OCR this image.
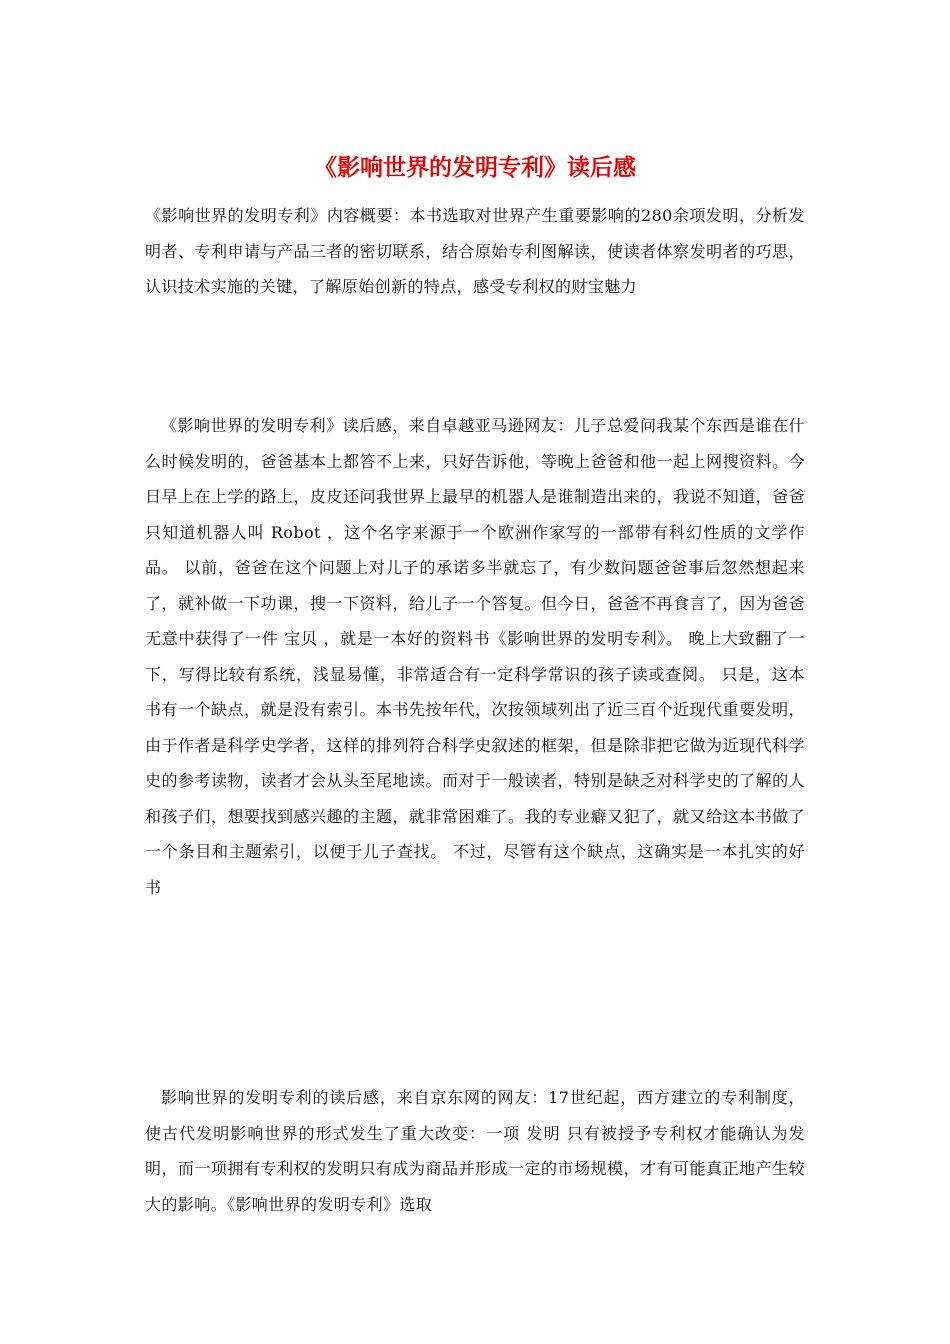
《影响世界的发明专利》读后感

《影响世界的发明专利》内容概要：本书选取对世界产生重要影响的280余项发明，分析发明者、专利申请与产品三者的密切联系，结合原始专利图解读，使读者体察发明者的巧思，认识技术实施的关键，了解原始创新的特点，感受专利权的财宝魅力

《影响世界的发明专利》读后感，来自卓越亚马逊网友：儿子总爱问我某个东西是谁在什么时候发明的，爸爸基本上都答不上来，只好告诉他，等晚上爸爸和他一起上网搜资料。今日早上在上学的路上，皮皮还问我世界上最早的机器人是谁制造出来的，我说不知道，爸爸只知道机器人叫 Robot ，这个名字来源于一个欧洲作家写的一部带有科幻性质的文学作品。 以前，爸爸在这个问题上对儿子的承诺多半就忘了，有少数问题爸爸事后忽然想起来了，就补做一下功课，搜一下资料，给儿子一个答复。但今日，爸爸不再食言了，因为爸爸无意中获得了一件 宝贝 ，就是一本好的资料书《影响世界的发明专利》。 晚上大致翻了一下，写得比较有系统，浅显易懂，非常适合有一定科学常识的孩子读或查阅。 只是，这本书有一个缺点，就是没有索引。本书先按年代，次按领域列出了近三百个近现代重要发明，由于作者是科学史学者，这样的排列符合科学史叙述的框架，但是除非把它做为近现代科学史的参考读物，读者才会从头至尾地读。而对于一般读者，特别是缺乏对科学史的了解的人和孩子们，想要找到感兴趣的主题，就非常困难了。我的专业癖又犯了，就又给这本书做了一个条目和主题索引，以便于儿子查找。 不过，尽管有这个缺点，这确实是一本扎实的好书

影响世界的发明专利的读后感，来自京东网的网友：17世纪起，西方建立的专利制度，使古代发明影响世界的形式发生了重大改变：一项 发明 只有被授予专利权才能确认为发明，而一项拥有专利权的发明只有成为商品并形成一定的市场规模，才有可能真正地产生较大的影响。《影响世界的发明专利》选取
